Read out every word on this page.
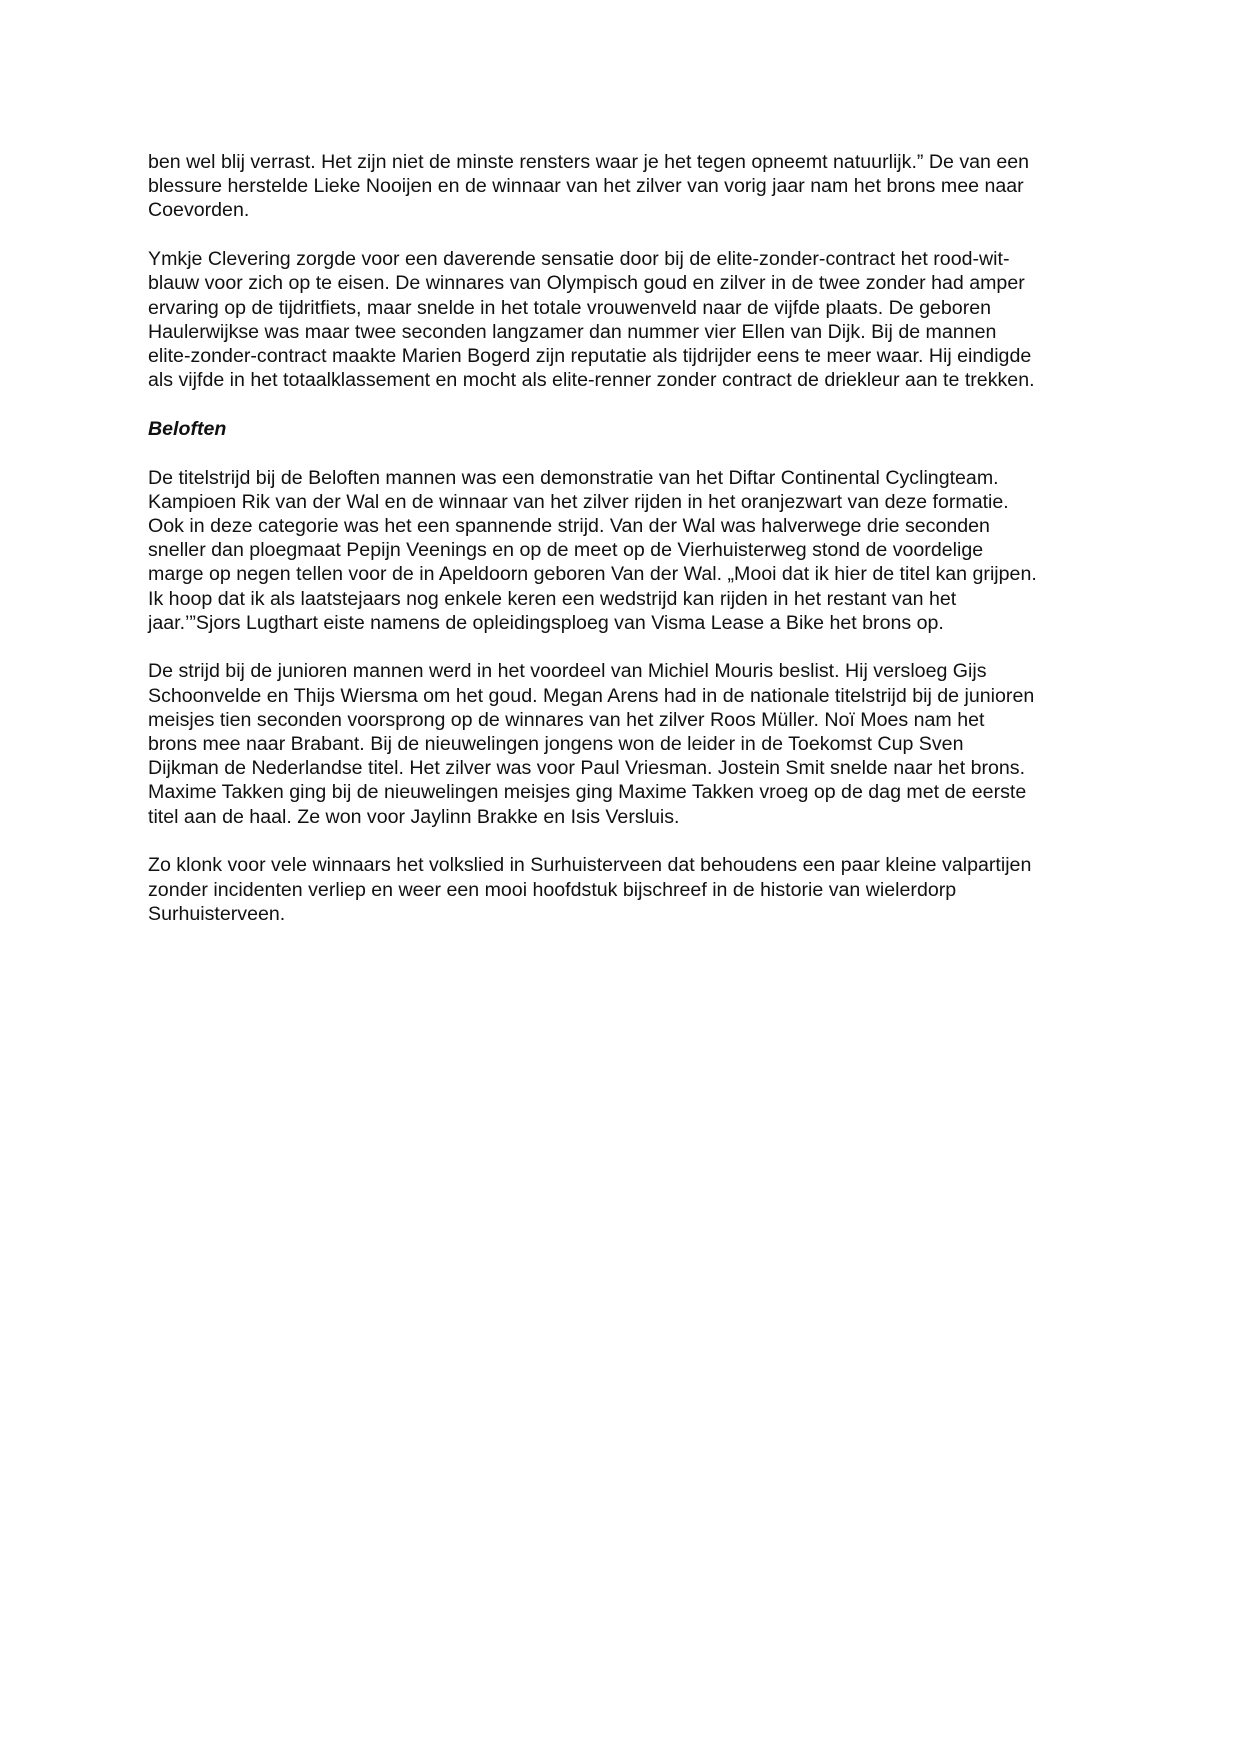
ben wel blij verrast. Het zijn niet de minste rensters waar je het tegen opneemt natuurlijk.” De van een
blessure herstelde Lieke Nooijen en de winnaar van het zilver van vorig jaar nam het brons mee naar
Coevorden.

Ymkje Clevering zorgde voor een daverende sensatie door bij de elite-zonder-contract het rood-wit-
blauw voor zich op te eisen. De winnares van Olympisch goud en zilver in de twee zonder had amper
ervaring op de tijdritfiets, maar snelde in het totale vrouwenveld naar de vijfde plaats. De geboren
Haulerwijkse was maar twee seconden langzamer dan nummer vier Ellen van Dijk. Bij de mannen
elite-zonder-contract maakte Marien Bogerd zijn reputatie als tijdrijder eens te meer waar. Hij eindigde
als vijfde in het totaalklassement en mocht als elite-renner zonder contract de driekleur aan te trekken.

Beloften

De titelstrijd bij de Beloften mannen was een demonstratie van het Diftar Continental Cyclingteam.
Kampioen Rik van der Wal en de winnaar van het zilver rijden in het oranjezwart van deze formatie.
Ook in deze categorie was het een spannende strijd. Van der Wal was halverwege drie seconden
sneller dan ploegmaat Pepijn Veenings en op de meet op de Vierhuisterweg stond de voordelige
marge op negen tellen voor de in Apeldoorn geboren Van der Wal. „Mooi dat ik hier de titel kan grijpen.
Ik hoop dat ik als laatstejaars nog enkele keren een wedstrijd kan rijden in het restant van het
jaar.’”Sjors Lugthart eiste namens de opleidingsploeg van Visma Lease a Bike het brons op.

De strijd bij de junioren mannen werd in het voordeel van Michiel Mouris beslist. Hij versloeg Gijs
Schoonvelde en Thijs Wiersma om het goud. Megan Arens had in de nationale titelstrijd bij de junioren
meisjes tien seconden voorsprong op de winnares van het zilver Roos Müller. Noï Moes nam het
brons mee naar Brabant. Bij de nieuwelingen jongens won de leider in de Toekomst Cup Sven
Dijkman de Nederlandse titel. Het zilver was voor Paul Vriesman. Jostein Smit snelde naar het brons.
Maxime Takken ging bij de nieuwelingen meisjes ging Maxime Takken vroeg op de dag met de eerste
titel aan de haal. Ze won voor Jaylinn Brakke en Isis Versluis.

Zo klonk voor vele winnaars het volkslied in Surhuisterveen dat behoudens een paar kleine valpartijen
zonder incidenten verliep en weer een mooi hoofdstuk bijschreef in de historie van wielerdorp
Surhuisterveen.
